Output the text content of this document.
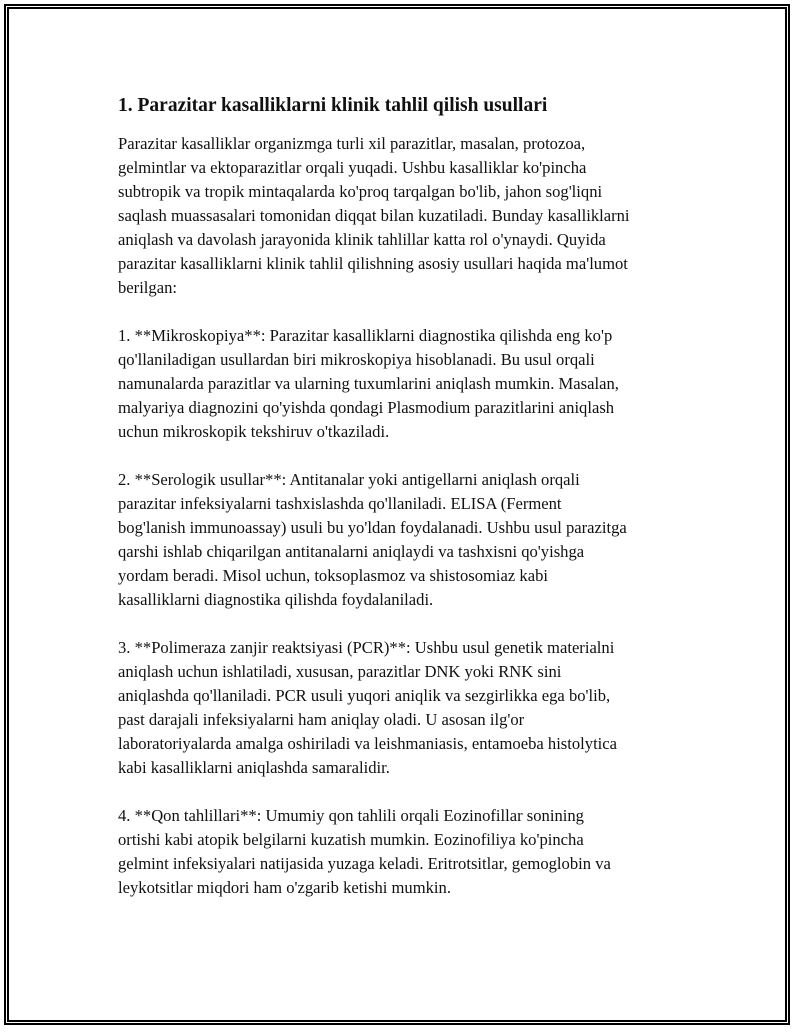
1. Parazitar kasalliklarni klinik tahlil qilish usullari

Parazitar kasalliklar organizmga turli xil parazitlar, masalan, protozoa,
gelmintlar va ektoparazitlar orqali yuqadi. Ushbu kasalliklar ko'pincha
subtropik va tropik mintaqalarda ko'proq tarqalgan bo'lib, jahon sog'liqni
saqlash muassasalari tomonidan diqqat bilan kuzatiladi. Bunday kasalliklarni
aniqlash va davolash jarayonida klinik tahlillar katta rol o'ynaydi. Quyida
parazitar kasalliklarni klinik tahlil qilishning asosiy usullari haqida ma'lumot
berilgan:

1. **Mikroskopiya**: Parazitar kasalliklarni diagnostika qilishda eng ko'p
qo'llaniladigan usullardan biri mikroskopiya hisoblanadi. Bu usul orqali
namunalarda parazitlar va ularning tuxumlarini aniqlash mumkin. Masalan,
malyariya diagnozini qo'yishda qondagi Plasmodium parazitlarini aniqlash
uchun mikroskopik tekshiruv o'tkaziladi.

2. **Serologik usullar**: Antitanalar yoki antigellarni aniqlash orqali
parazitar infeksiyalarni tashxislashda qo'llaniladi. ELISA (Ferment
bog'lanish immunoassay) usuli bu yo'ldan foydalanadi. Ushbu usul parazitga
qarshi ishlab chiqarilgan antitanalarni aniqlaydi va tashxisni qo'yishga
yordam beradi. Misol uchun, toksoplasmoz va shistosomiaz kabi
kasalliklarni diagnostika qilishda foydalaniladi.

3. **Polimeraza zanjir reaktsiyasi (PCR)**: Ushbu usul genetik materialni
aniqlash uchun ishlatiladi, xususan, parazitlar DNK yoki RNK sini
aniqlashda qo'llaniladi. PCR usuli yuqori aniqlik va sezgirlikka ega bo'lib,
past darajali infeksiyalarni ham aniqlay oladi. U asosan ilg'or
laboratoriyalarda amalga oshiriladi va leishmaniasis, entamoeba histolytica
kabi kasalliklarni aniqlashda samaralidir.

4. **Qon tahlillari**: Umumiy qon tahlili orqali Eozinofillar sonining
ortishi kabi atopik belgilarni kuzatish mumkin. Eozinofiliya ko'pincha
gelmint infeksiyalari natijasida yuzaga keladi. Eritrotsitlar, gemoglobin va
leykotsitlar miqdori ham o'zgarib ketishi mumkin.
